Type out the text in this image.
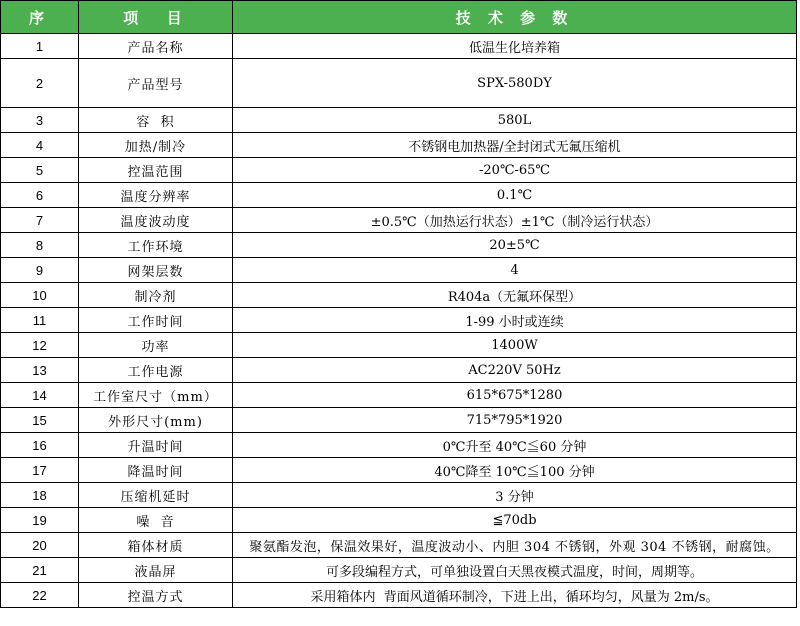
序	项  目	技 术 参 数
1	产品名称	低温生化培养箱
2	产品型号	SPX-580DY
3	容  积	580L
4	加热/制冷	不锈钢电加热器/全封闭式无氟压缩机
5	控温范围	-20℃-65℃
6	温度分辨率	0.1℃
7	温度波动度	±0.5℃（加热运行状态）±1℃（制冷运行状态）
8	工作环境	20±5℃
9	网架层数	4
10	制冷剂	R404a（无氟环保型）
11	工作时间	1-99 小时或连续
12	功率	1400W
13	工作电源	AC220V 50Hz
14	工作室尺寸（mm）	615*675*1280
15	外形尺寸(mm)	715*795*1920
16	升温时间	0℃升至 40℃≦60 分钟
17	降温时间	40℃降至 10℃≦100 分钟
18	压缩机延时	3 分钟
19	噪  音	≦70db
20	箱体材质	聚氨酯发泡，保温效果好，温度波动小、内胆 304 不锈钢，外观 304 不锈钢，耐腐蚀。
21	液晶屏	可多段编程方式，可单独设置白天黑夜模式温度，时间，周期等。
22	控温方式	采用箱体内  背面风道循环制冷，下进上出，循环均匀，风量为 2m/s。
